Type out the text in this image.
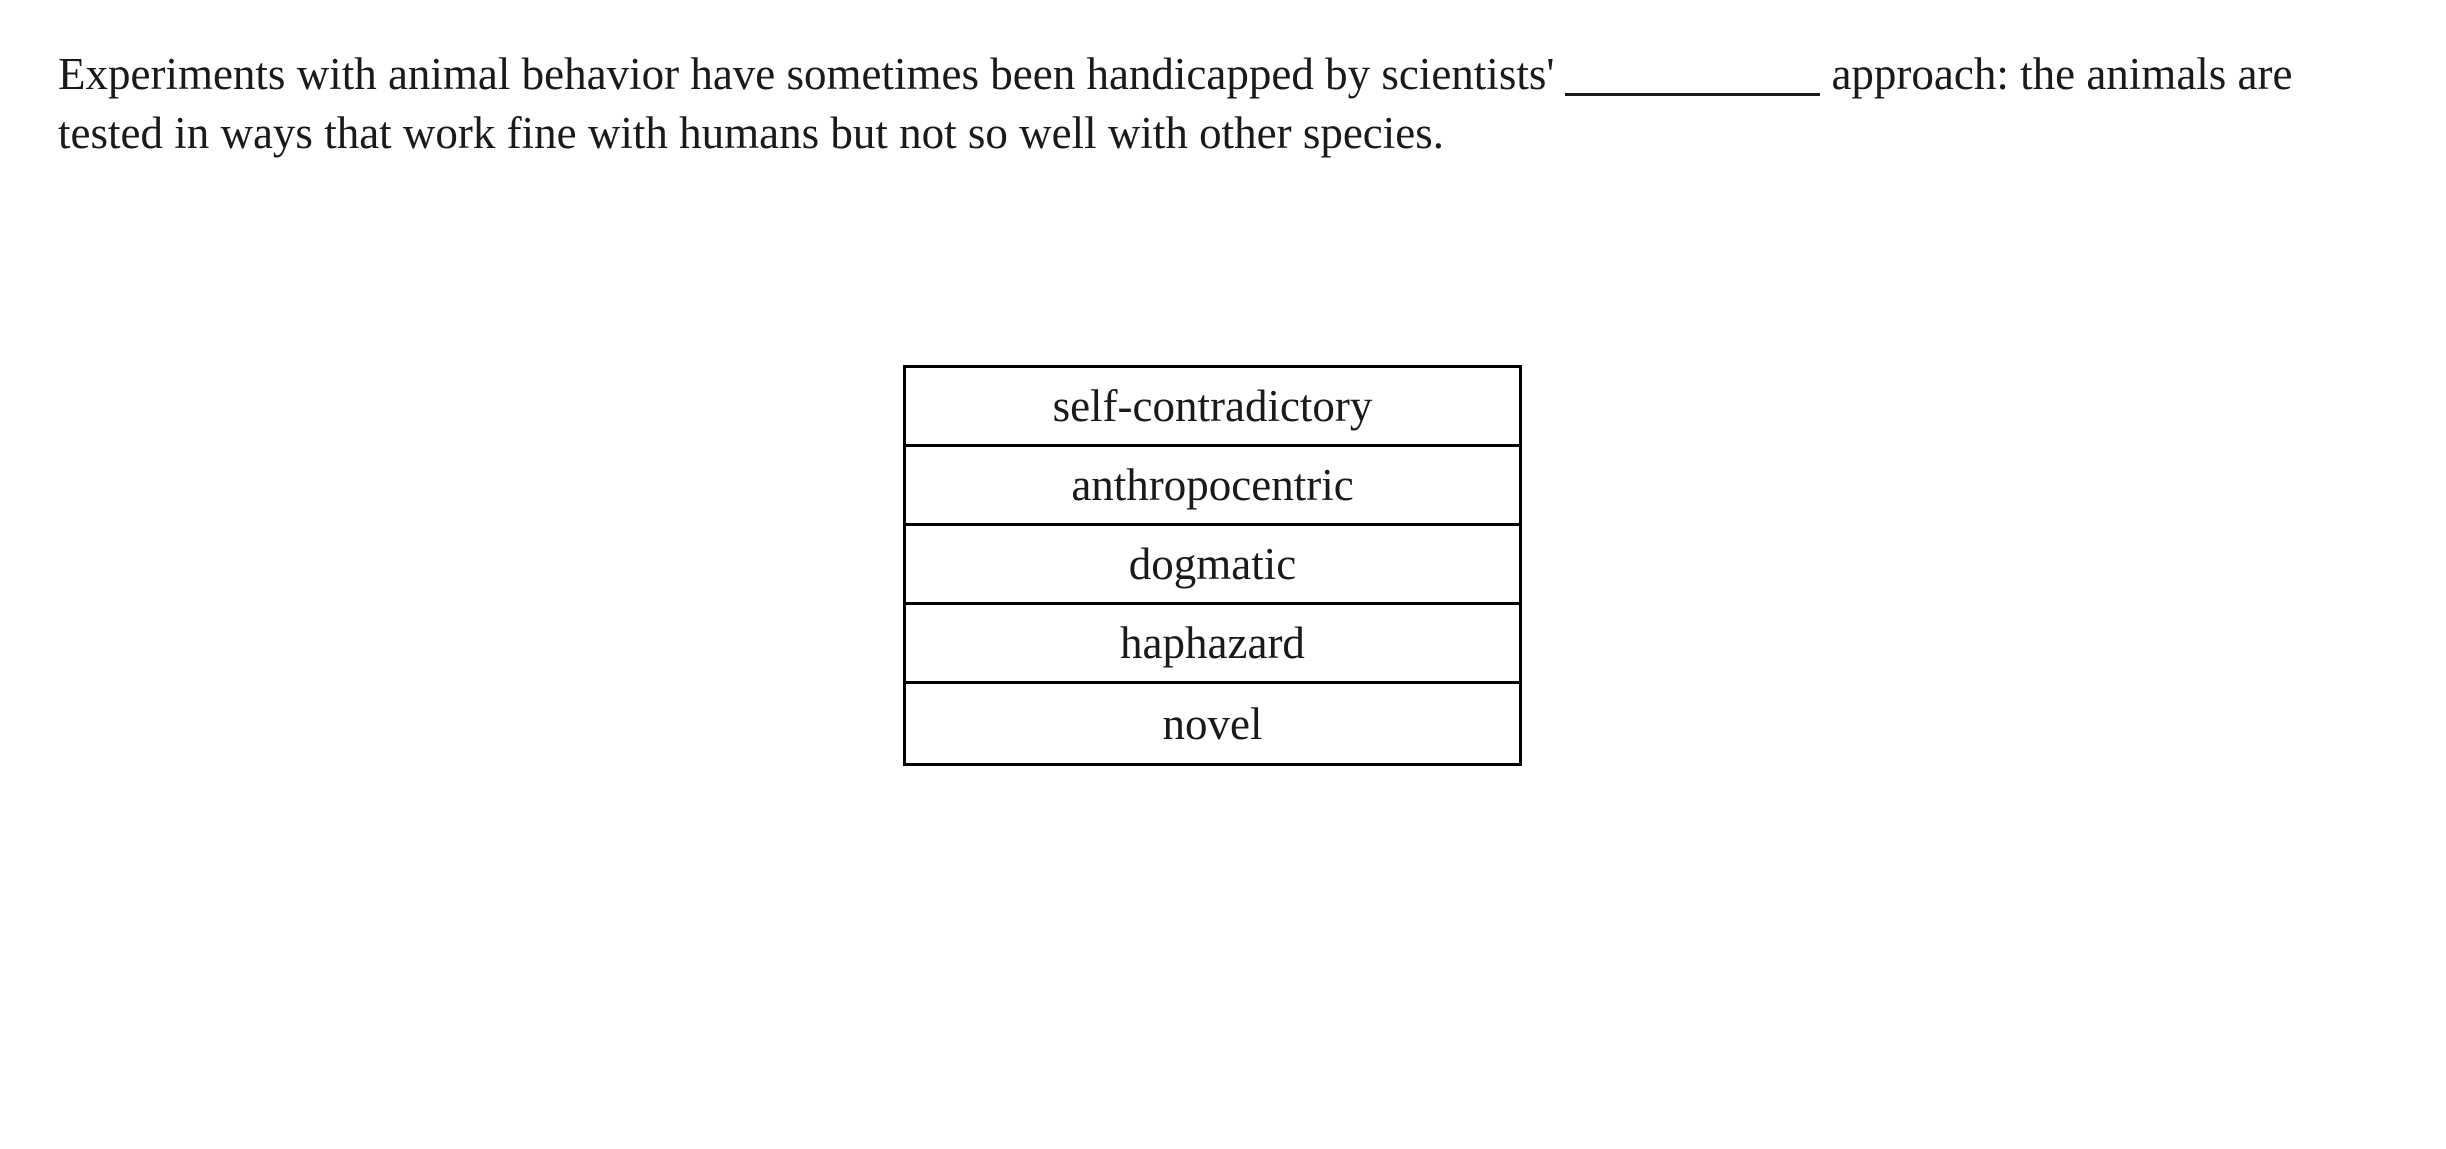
Experiments with animal behavior have sometimes been handicapped by scientists'	approach: the animals are tested in ways that work fine with humans but not so well with other species.
self-contradictory
anthropocentric
dogmatic
haphazard
novel
